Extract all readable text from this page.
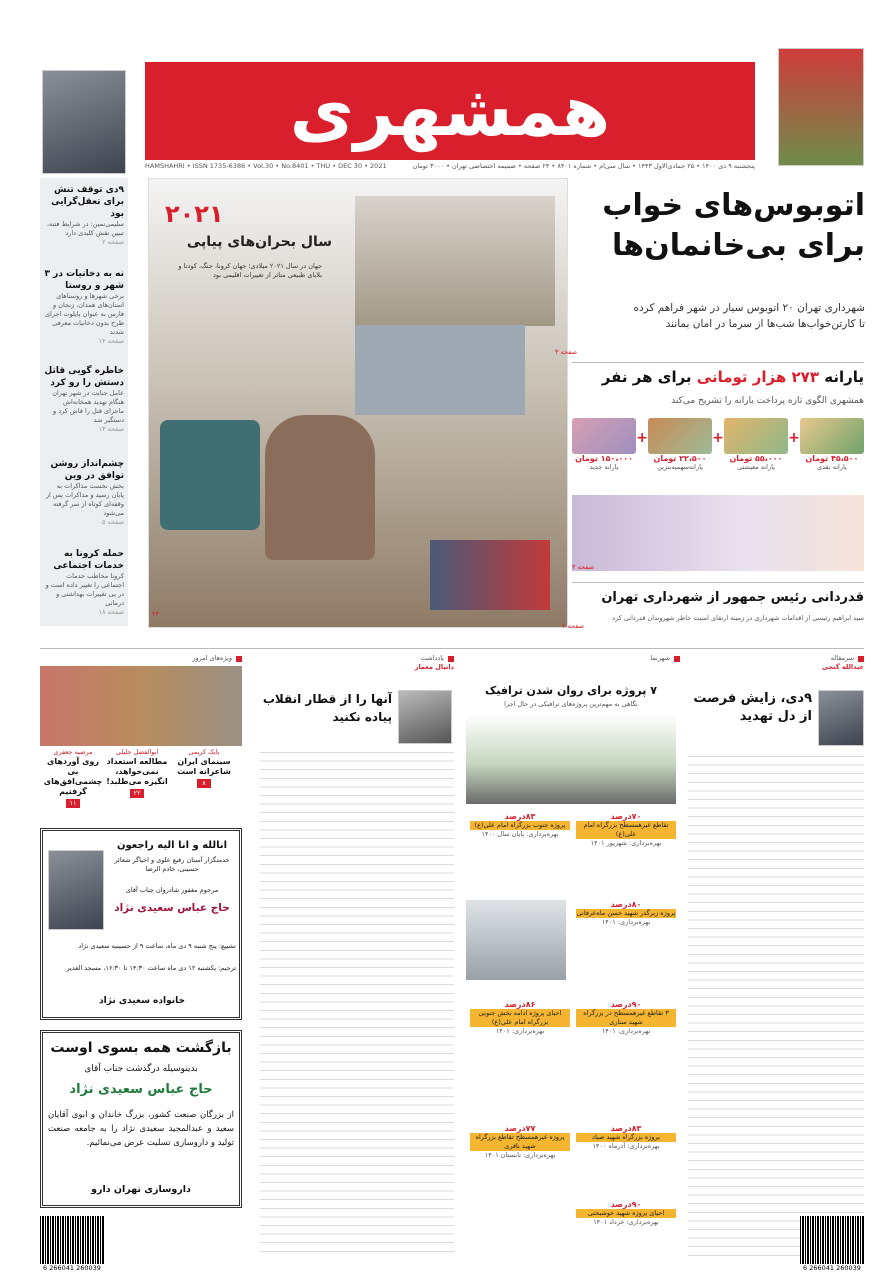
همشهری
پنجشنبه ۹ دی ۱۴۰۰ • ۲۵ جمادی‌الاول ۱۴۴۳ • سال سی‌ام • شماره ۸۴۰۱ • ۲۴ صفحه • ضمیمه اختصاصی تهران • ۳۰۰۰ تومان
HAMSHAHRI • ISSN 1735-6386 • Vol.30 • No.8401 • THU • DEC 30 • 2021
۹دی توقف تنش برای تعقل‌گرایی بود
سلیمی‌نمین: در شرایط فتنه، تبیین نقش کلیدی دارد
صفحه ۲
نه به دخانیات در ۳ شهر و روستا
برخی شهرها و روستاهای استان‌های همدان، زنجان و فارس به عنوان پایلوت اجرای طرح بدون دخانیات معرفی شدند
صفحه ۱۴
خاطره گویی قاتل دستش را رو کرد
عامل جنایت در شهر تهران هنگام تهدید همخانه‌اش ماجرای قتل را فاش کرد و دستگیر شد
صفحه ۱۳
چشم‌انداز روشن توافق در وین
بخش نخست مذاکرات به پایان رسید و مذاکرات پس از وقفه‌ای کوتاه از سر گرفته می‌شود
صفحه ۵
حمله کرونا به خدمات اجتماعی
کرونا مخاطب خدمات اجتماعی را تغییر داده است و در پی تغییرات بهداشتی و درمانی
صفحه ۱۸
۲۰۲۱
سال بحران‌های پیاپی
جهان در سال ۲۰۲۱ میلادی؛ جهان کرونا، جنگ، کودتا و بلایای طبیعی متاثر از تغییرات اقلیمی بود
۲۳
اتوبوس‌های خواب
برای بی‌خانمان‌ها
شهرداری تهران ۲۰ اتوبوس سیار در شهر فراهم کرده
تا کارتن‌خواب‌ها شب‌ها از سرما در امان بمانند
صفحه ۳
یارانه ۲۷۳ هزار تومانی برای هر نفر
همشهری الگوی تازه پرداخت یارانه را تشریح می‌کند
۴۵،۵۰۰ تومان
یارانه نقدی
+
۵۵،۰۰۰ تومان
یارانه معیشتی
+
۲۲،۵۰۰ تومان
یارانه‌سهمیه‌بنزین
+
۱۵۰،۰۰۰ تومان
یارانه جدید
صفحه ۳
قدردانی رئیس جمهور از شهرداری تهران
سید ابراهیم رئیسی از اقدامات شهرداری در زمینه ارتقای امنیت خاطر شهروندان قدردانی کرد
صفحه ۲
سرمقاله
عبدالله گنجی
۹دی، زایش فرصت
از دل تهدید
شهرنما
۷ پروژه برای روان شدن ترافیک
نگاهی به مهم‌ترین پروژه‌های ترافیکی در حال اجرا
۸۳درصد
پروژه جنوب بزرگراه امام علی(ع)
بهره‌برداری: پایان سال ۱۴۰۰
۷۰درصد
تقاطع غیرهمسطح بزرگراه امام علی(ع)
بهره‌برداری: شهریور ۱۴۰۱
۸۰درصد
پروژه زیرگذر شهید حسن ماه‌عرفانی
بهره‌برداری: ۱۴۰۱
۸۶درصد
احیای پروژه ادامه بخش جنوبی بزرگراه امام علی(ع)
بهره‌برداری: ۱۴۰۱
۹۰درصد
۳ تقاطع غیرهمسطح در بزرگراه شهید ستاری
بهره‌برداری: ۱۴۰۱
۷۷درصد
پروژه غیرهمسطح تقاطع بزرگراه شهید باقری
بهره‌برداری: تابستان ۱۴۰۱
۸۳درصد
پروژه بزرگراه شهید صیاد
بهره‌برداری: آذرماه ۱۴۰۰
۹۰درصد
احیای پروژه شهید خوشبختی
بهره‌برداری: خرداد ۱۴۰۱
یادداشت
دانیال معمار
آنها را از قطار انقلاب
پیاده نکنید
ویژه‌های امروز
بابک کریمی
سینمای ایران شاعرانه است
۸
ابوالفضل جلیلی
مطالعه استعداد نمی‌خواهد، انگیزه می‌طلبد!
۲۲
مرضیه جعفری
روی آوردهای بی چشمی‌افق‌های گرفتیم
۱۱
انالله و انا الیه راجعون
خدمتگزار آستان رفیع علوی و احیاگر شعائر حسینی، خادم الرضا
مرحوم مغفور شادروان جناب آقای
حاج عباس سعیدی نژاد
تشییع: پنج شنبه ۹ دی ماه، ساعت ۹ از حسینیه سعیدی نژاد
ترحیم: یکشنبه ۱۲ دی ماه ساعت ۱۴:۳۰ تا ۱۶:۳۰، مسجد الغدیر
خانواده سعیدی نژاد
بازگشت همه بسوی اوست
بدینوسیله درگذشت جناب آقای
حاج عباس سعیدی نژاد
از بزرگان صنعت کشور، بزرگ خاندان و ابوی آقایان سعید و عبدالمجید سعیدی نژاد را به جامعه صنعت تولید و داروسازی تسلیت عرض می‌نمائیم.
داروسازی تهران دارو
6 266041 260039	6 266041 260039
